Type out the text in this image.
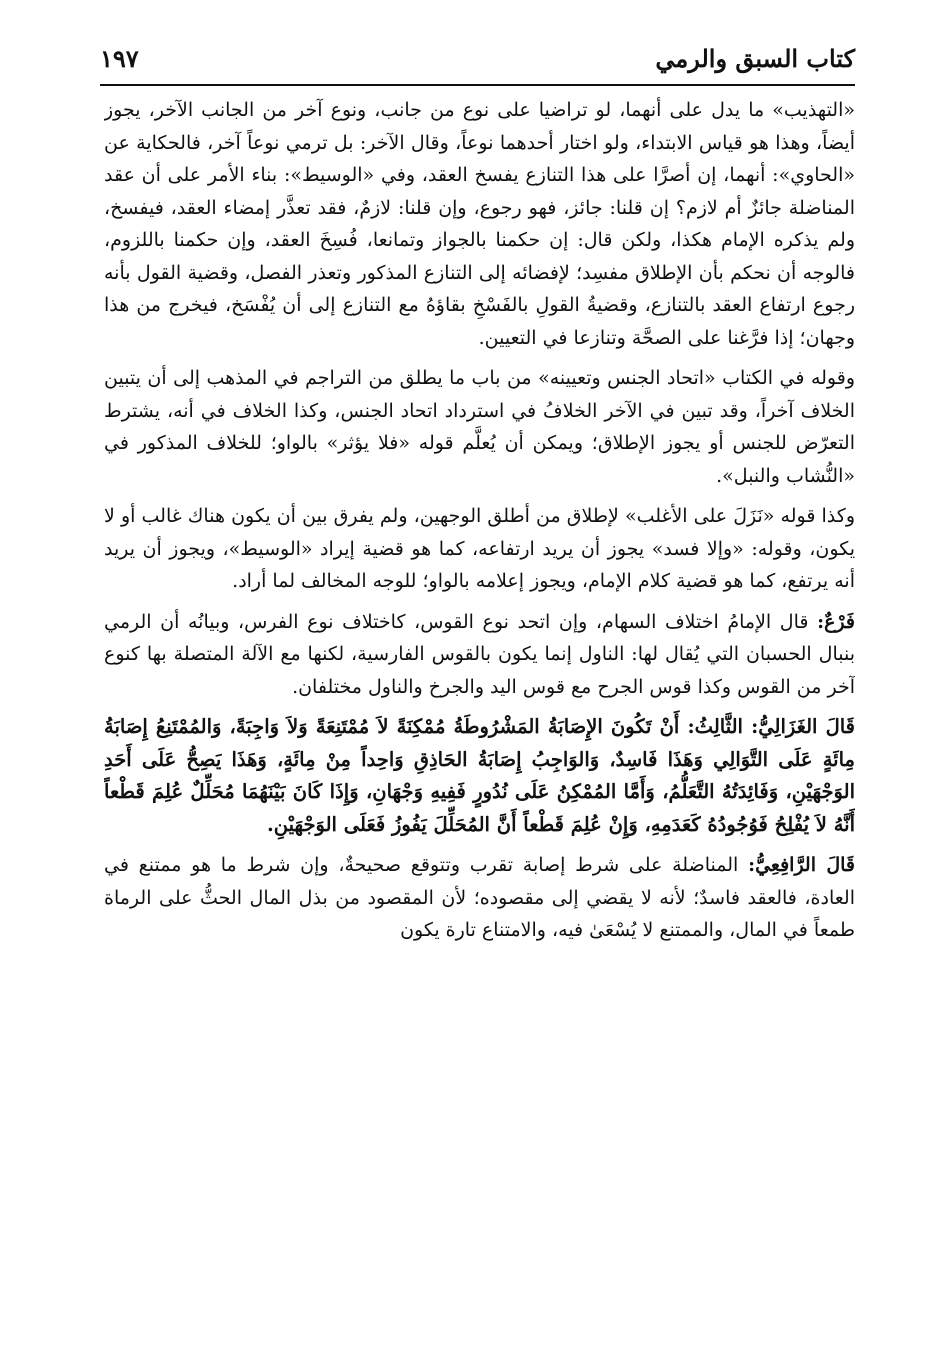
كتاب السبق والرمي
١٩٧

«التهذيب» ما يدل على أنهما، لو تراضيا على نوع من جانب، ونوع آخر من الجانب الآخر، يجوز أيضاً، وهذا هو قياس الابتداء، ولو اختار أحدهما نوعاً، وقال الآخر: بل ترمي نوعاً آخر، فالحكاية عن «الحاوي»: أنهما، إن أصرَّا على هذا التنازع يفسخ العقد، وفي «الوسيط»: بناء الأمر على أن عقد المناضلة جائزٌ أم لازم؟ إن قلنا: جائز، فهو رجوع، وإن قلنا: لازمٌ، فقد تعذَّر إمضاء العقد، فيفسخ، ولم يذكره الإمام هكذا، ولكن قال: إن حكمنا بالجواز وتمانعا، فُسِخَ العقد، وإن حكمنا باللزوم، فالوجه أن نحكم بأن الإطلاق مفسِد؛ لإفضائه إلى التنازع المذكور وتعذر الفصل، وقضية القول بأنه رجوع ارتفاع العقد بالتنازع، وقضيةُ القولِ بالفَسْخِ بقاؤهُ مع التنازع إلى أن يُفْسَخ، فيخرج من هذا وجهان؛ إذا فرَّغنا على الصحَّة وتنازعا في التعيين.

وقوله في الكتاب «اتحاد الجنس وتعيينه» من باب ما يطلق من التراجم في المذهب إلى أن يتبين الخلاف آخراً، وقد تبين في الآخر الخلافُ في استرداد اتحاد الجنس، وكذا الخلاف في أنه، يشترط التعرّض للجنس أو يجوز الإطلاق؛ ويمكن أن يُعلَّم قوله «فلا يؤثر» بالواو؛ للخلاف المذكور في «النُّشاب والنبل».

وكذا قوله «نَزَلَ على الأغلب» لإطلاق من أطلق الوجهين، ولم يفرق بين أن يكون هناك غالب أو لا يكون، وقوله: «وإلا فسد» يجوز أن يريد ارتفاعه، كما هو قضية إيراد «الوسيط»، ويجوز أن يريد أنه يرتفع، كما هو قضية كلام الإمام، ويجوز إعلامه بالواو؛ للوجه المخالف لما أراد.

فَرْعٌ: قال الإمامُ اختلاف السهام، وإن اتحد نوع القوس، كاختلاف نوع الفرس، وبيانُه أن الرمي بنبال الحسبان التي يُقال لها: الناول إنما يكون بالقوس الفارسية، لكنها مع الآلة المتصلة بها كنوع آخر من القوس وكذا قوس الجرح مع قوس اليد والجرخ والناول مختلفان.

قَالَ الغَزَالِيُّ: الثَّالِثُ: أَنْ تَكُونَ الإِصَابَةُ المَشْرُوطَةُ مُمْكِنَةً لاَ مُمْتَنِعَةً وَلاَ وَاجِبَةً، وَالمُمْتَنِعُ إِصَابَةُ مِائَةٍ عَلَى التَّوَالِي وَهَذَا فَاسِدٌ، وَالوَاجِبُ إِصَابَةُ الحَاذِقِ وَاحِداً مِنْ مِائَةٍ، وَهَذَا يَصِحُّ عَلَى أَحَدِ الوَجْهَيْنِ، وَفَائِدَتُهُ التَّعَلُّمُ، وَأَمَّا المُمْكِنُ عَلَى نُدُورٍ فَفِيهِ وَجْهَانِ، وَإِذَا كَانَ بَيْنَهُمَا مُحَلِّلٌ عُلِمَ قَطْعاً أَنَّهُ لاَ يُفْلِحُ فَوُجُودُهُ كَعَدَمِهِ، وَإِنْ عُلِمَ قَطْعاً أَنَّ المُحَلِّلَ يَفُوزُ فَعَلَى الوَجْهَيْنِ.

قَالَ الرَّافِعِيُّ: المناضلة على شرط إصابة تقرب وتتوقع صحيحةٌ، وإن شرط ما هو ممتنع في العادة، فالعقد فاسدٌ؛ لأنه لا يقضي إلى مقصوده؛ لأن المقصود من بذل المال الحثُّ على الرماة طمعاً في المال، والممتنع لا يُسْعَىٰ فيه، والامتناع تارة يكون
